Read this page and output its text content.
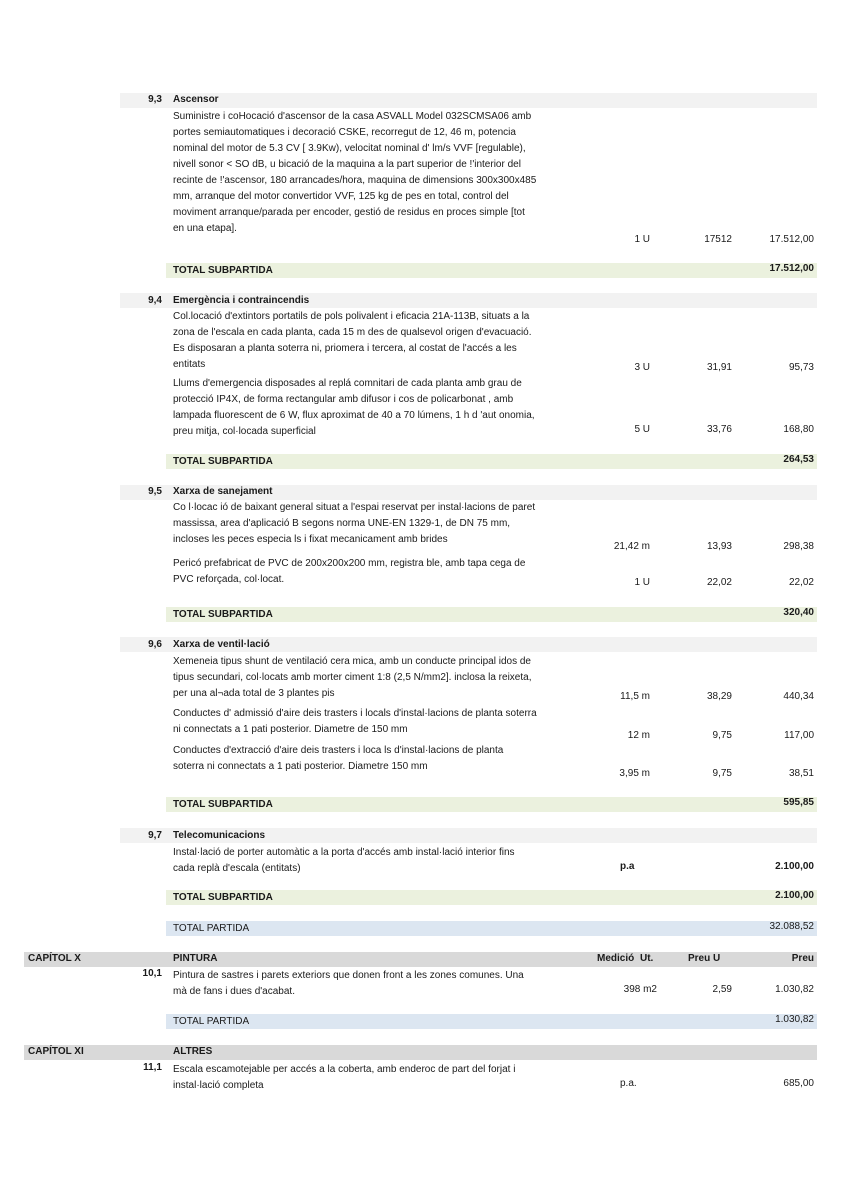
9,3 Ascensor
Suministre i coHocació d'ascensor de la casa ASVALL Model 032SCMSA06 amb
portes semiautomatiques i decoració CSKE, recorregut de 12, 46 m, potencia
nominal del motor de 5.3 CV [ 3.9Kw), velocitat nominal d' lm/s VVF [regulable),
nivell sonor < SO dB, u bicació de la maquina a la part superior de !'interior del
recinte de !'ascensor, 180 arrancades/hora, maquina de dimensions 300x300x485
mm, arranque del motor convertidor VVF, 125 kg de pes en total, control del
moviment arranque/parada per encoder, gestió de residus en proces simple [tot
en una etapa].
1 U	17512	17.512,00
TOTAL SUBPARTIDA	17.512,00
9,4 Emergència i contraincendis
Col.locació d'extintors portatils de pols polivalent i eficacia 21A-113B, situats a la
zona de l'escala en cada planta, cada 15 m des de qualsevol origen d'evacuació.
Es disposaran a planta soterra ni, priomera i tercera, al costat de l'accés a les
entitats	3 U	31,91	95,73
Llums d'emergencia disposades al replá comnitari de cada planta amb grau de
protecció IP4X, de forma rectangular amb difusor i cos de policarbonat , amb
lampada fluorescent de 6 W, flux aproximat de 40 a 70 lúmens, 1 h d 'aut onomia,
preu mitja, col·locada superficial	5 U	33,76	168,80
TOTAL SUBPARTIDA	264,53
9,5 Xarxa de sanejament
Co l·locac ió de baixant general situat a l'espai reservat per instal·lacions de paret
massissa, area d'aplicació B segons norma UNE-EN 1329-1, de DN 75 mm,
incloses les peces especia ls i fixat mecanicament amb brides
21,42 m	13,93	298,38
Pericó prefabricat de PVC de 200x200x200 mm, registra ble, amb tapa cega de
PVC reforçada, col·locat.	1 U	22,02	22,02
TOTAL SUBPARTIDA	320,40
9,6 Xarxa de ventil·lació
Xemeneia tipus shunt de ventilació cera mica, amb un conducte principal idos de
tipus secundari, col·locats amb morter ciment 1:8 (2,5 N/mm2]. inclosa la reixeta,
per una al¬ada total de 3 plantes pis	11,5 m	38,29	440,34
Conductes d' admissió d'aire deis trasters i locals d'instal·lacions de planta soterra
ni connectats a 1 pati posterior. Diametre de 150 mm
12 m	9,75	117,00
Conductes d'extracció d'aire deis trasters i loca ls d'instal·lacions de planta
soterra ni connectats a 1 pati posterior. Diametre 150 mm
3,95 m	9,75	38,51
TOTAL SUBPARTIDA	595,85
9,7 Telecomunicacions
Instal·lació de porter automàtic a la porta d'accés amb instal·lació interior fins
cada replà d'escala (entitats)	p.a	2.100,00
TOTAL SUBPARTIDA	2.100,00
TOTAL PARTIDA	32.088,52
CAPÍTOL X	PINTURA	Medició Ut.	Preu U	Preu
10,1 Pintura de sastres i parets exteriors que donen front a les zones comunes. Una
mà de fans i dues d'acabat.	398 m2	2,59	1.030,82
TOTAL PARTIDA	1.030,82
CAPÍTOL XI	ALTRES
11,1 Escala escamotejable per accés a la coberta, amb enderoc de part del forjat i
instal·lació completa	p.a.	685,00
